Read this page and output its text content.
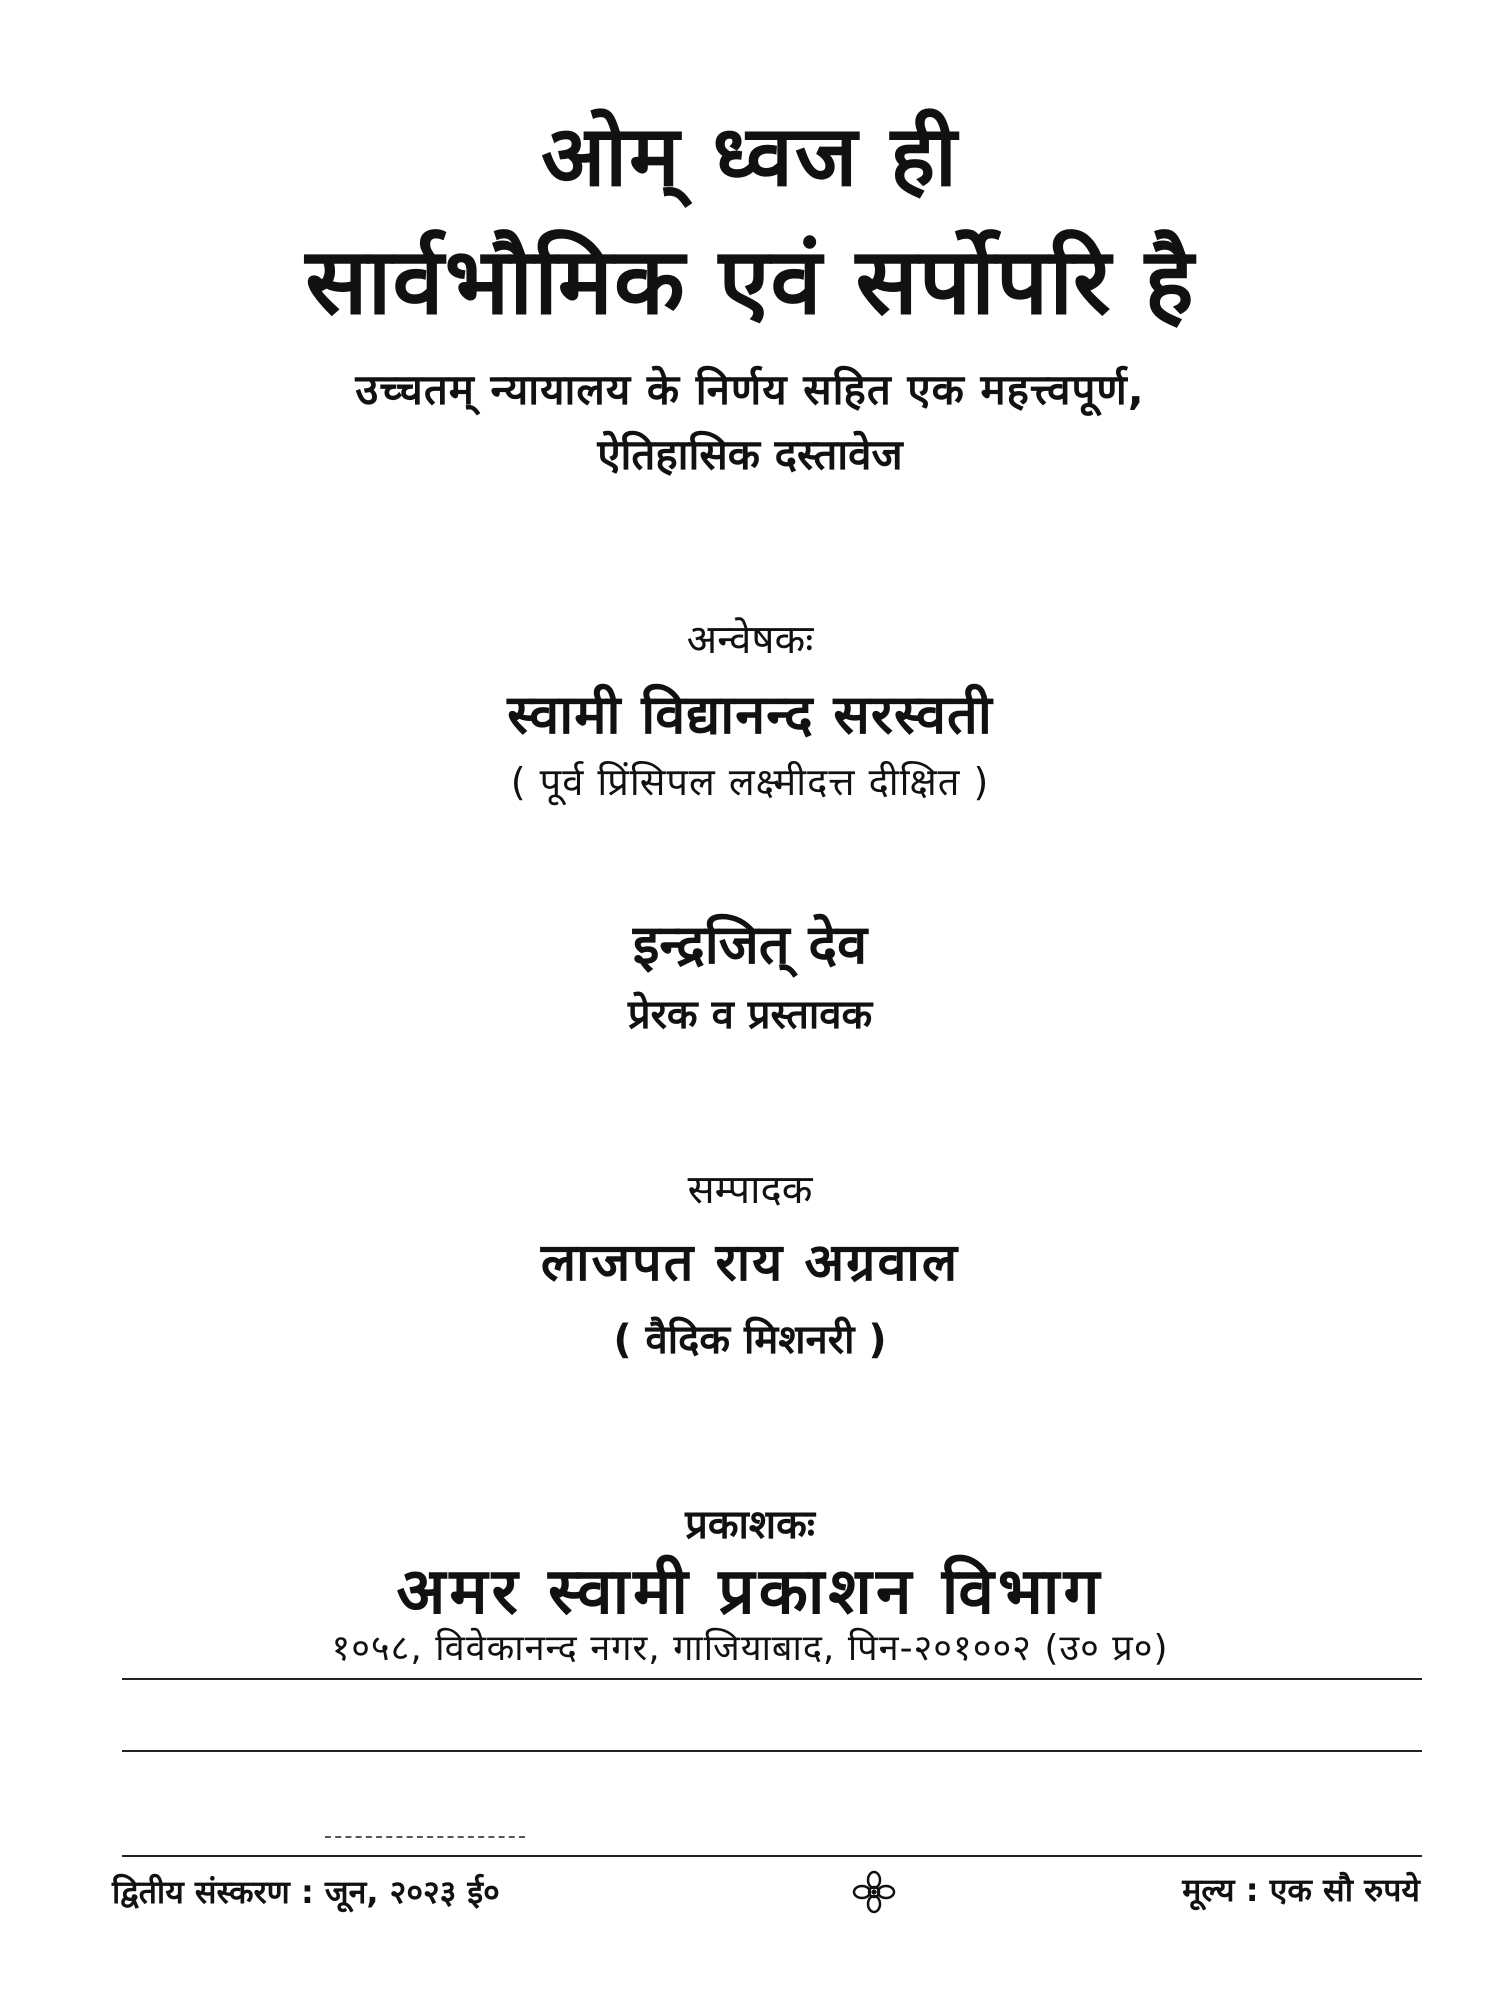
ओम् ध्वज ही
सार्वभौमिक एवं सर्पोपरि है
उच्चतम् न्यायालय के निर्णय सहित एक महत्त्वपूर्ण,
ऐतिहासिक दस्तावेज
अन्वेषकः
स्वामी विद्यानन्द सरस्वती
( पूर्व प्रिंसिपल लक्ष्मीदत्त दीक्षित )
इन्द्रजित् देव
प्रेरक व प्रस्तावक
सम्पादक
लाजपत राय अग्रवाल
( वैदिक मिशनरी )
प्रकाशकः
अमर स्वामी प्रकाशन विभाग
१०५८, विवेकानन्द नगर, गाजियाबाद, पिन-२०१००२ (उ० प्र०)
द्वितीय संस्करण : जून, २०२३ ई०	मूल्य : एक सौ रुपये
